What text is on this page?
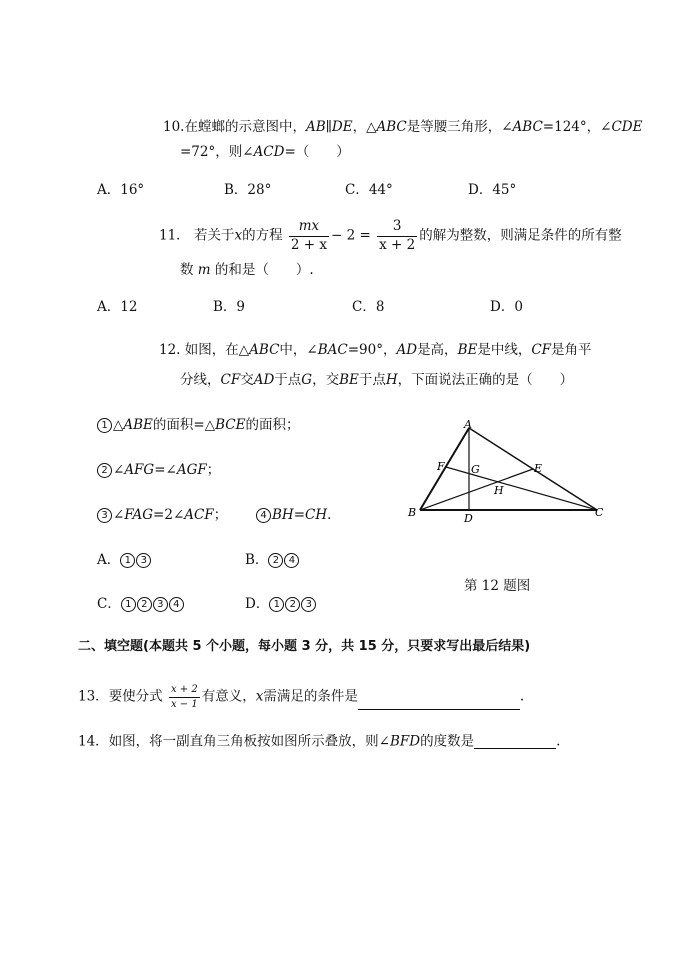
10.在螳螂的示意图中，AB∥DE，△ABC是等腰三角形，∠ABC=124°，∠CDE
=72°，则∠ACD=（　　）
A．16°	B．28°	C．44°	D．45°
11． 若关于x的方程 $\frac{mx}{2 + x} - 2 = \frac{3}{x + 2}$ 的解为整数，则满足条件的所有整
数 m 的和是（　　）.
A．12	B．9	C．8	D．0
12. 如图，在△ABC中，∠BAC=90°，AD是高，BE是中线，CF是角平
分线，CF交AD于点G，交BE于点H，下面说法正确的是（　　）
1 △ABE的面积=△BCE的面积；
2 ∠AFG=∠AGF；
3 ∠FAG=2∠ACF；	4 BH=CH.
A． 1 3	B． 2 4
C． 1 2 3 4	D． 1 2 3
A
B	C
D
E
F G
H
第 12 题图
二、填空题(本题共 5 个小题，每小题 3 分，共 15 分，只要求写出最后结果)
13．要使分式 $\frac{x + 2}{x - 1}$ 有意义，x需满足的条件是	.
14．如图，将一副直角三角板按如图所示叠放，则∠BFD的度数是	.
